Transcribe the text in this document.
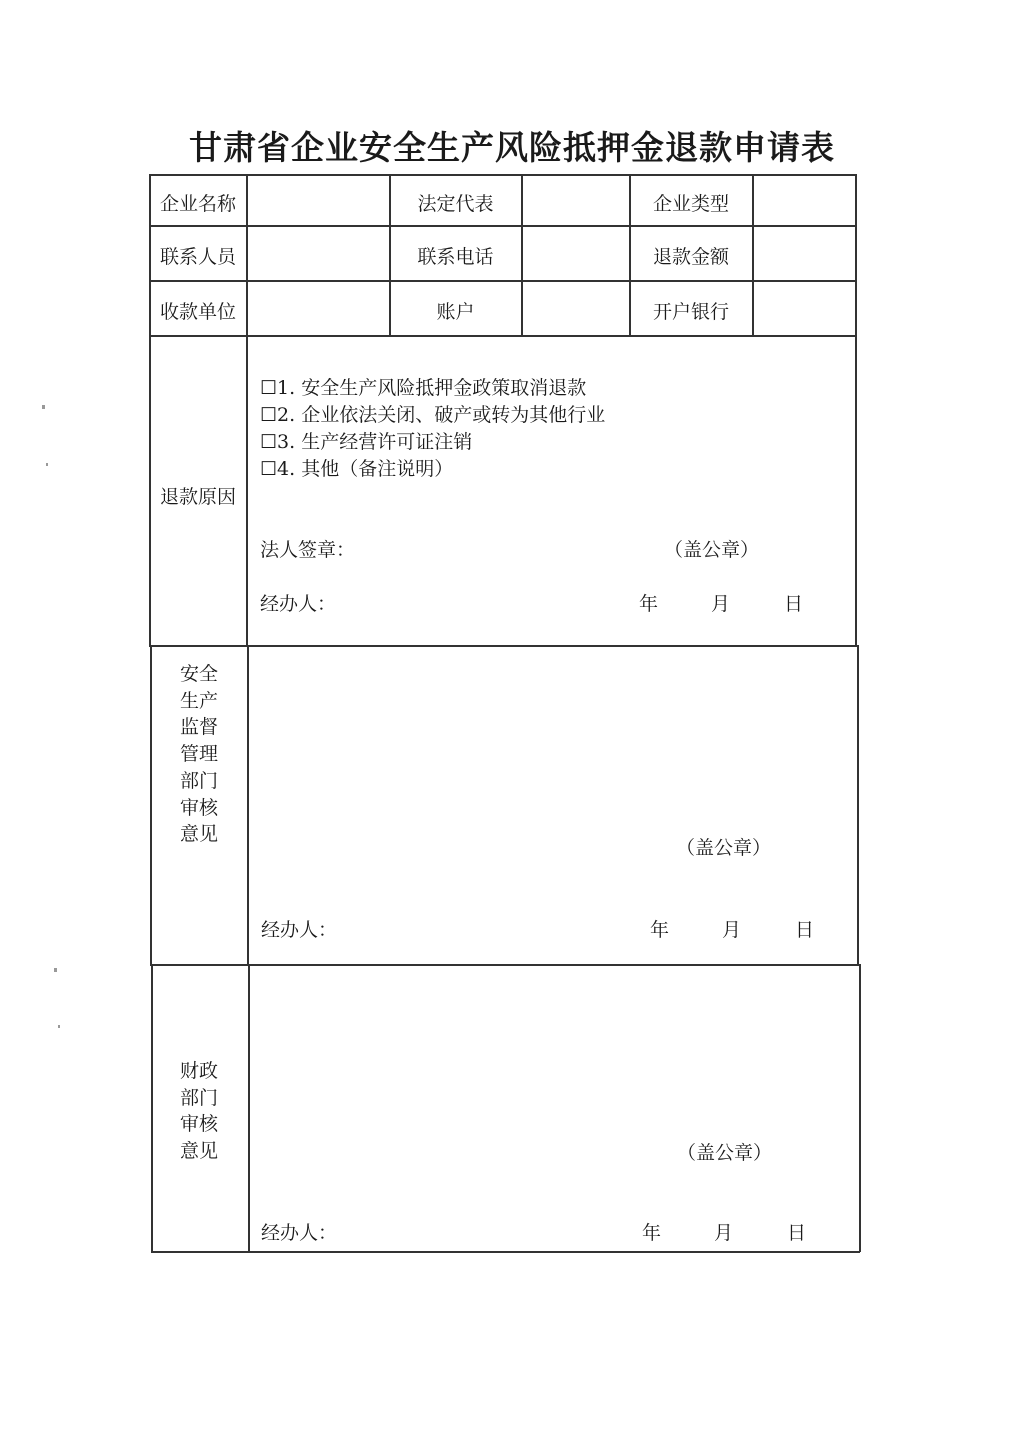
甘肃省企业安全生产风险抵押金退款申请表
企业名称	法定代表	企业类型
联系人员	联系电话	退款金额
收款单位	账户	开户银行
退款原因
☐1. 安全生产风险抵押金政策取消退款
☐2. 企业依法关闭、破产或转为其他行业
☐3. 生产经营许可证注销
☐4. 其他（备注说明）
法人签章：	（盖公章）
经办人：	年	月	日
安全
生产
监督
管理
部门
审核
意见
（盖公章）
经办人：	年	月	日
财政
部门
审核
意见	（盖公章）
经办人：	年	月	日
